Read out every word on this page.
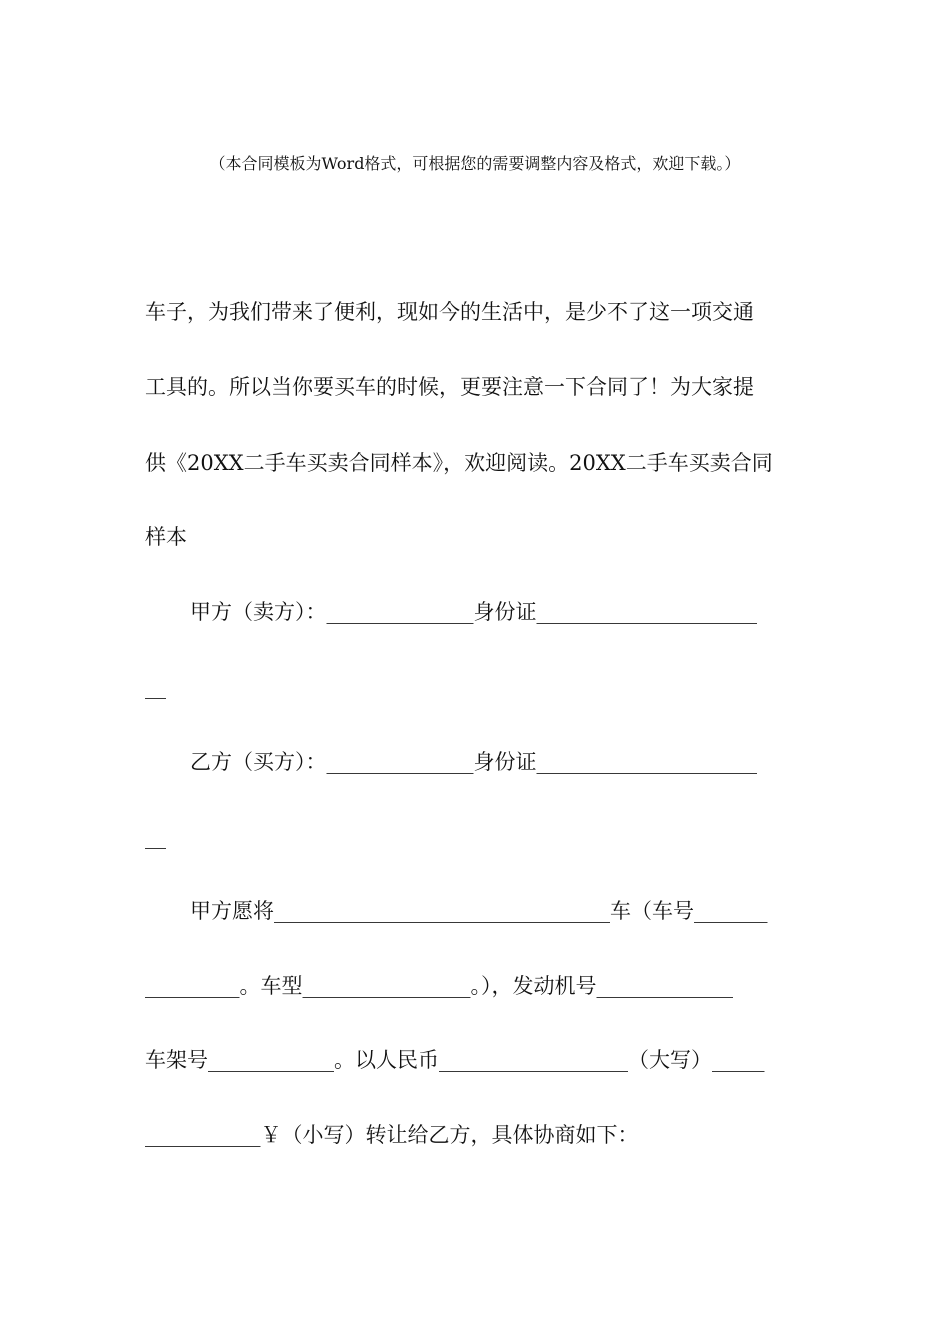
（本合同模板为Word格式，可根据您的需要调整内容及格式，欢迎下载。）
车子，为我们带来了便利，现如今的生活中，是少不了这一项交通
工具的。所以当你要买车的时候，更要注意一下合同了！为大家提
供《20XX二手车买卖合同样本》，欢迎阅读。20XX二手车买卖合同
样本
甲方（卖方）：______________身份证_____________________
__
乙方（买方）：______________身份证_____________________
__
甲方愿将________________________________车（车号_______
_________。车型________________。），发动机号_____________
车架号____________。以人民币__________________（大写）_____
___________￥（小写）转让给乙方，具体协商如下：
